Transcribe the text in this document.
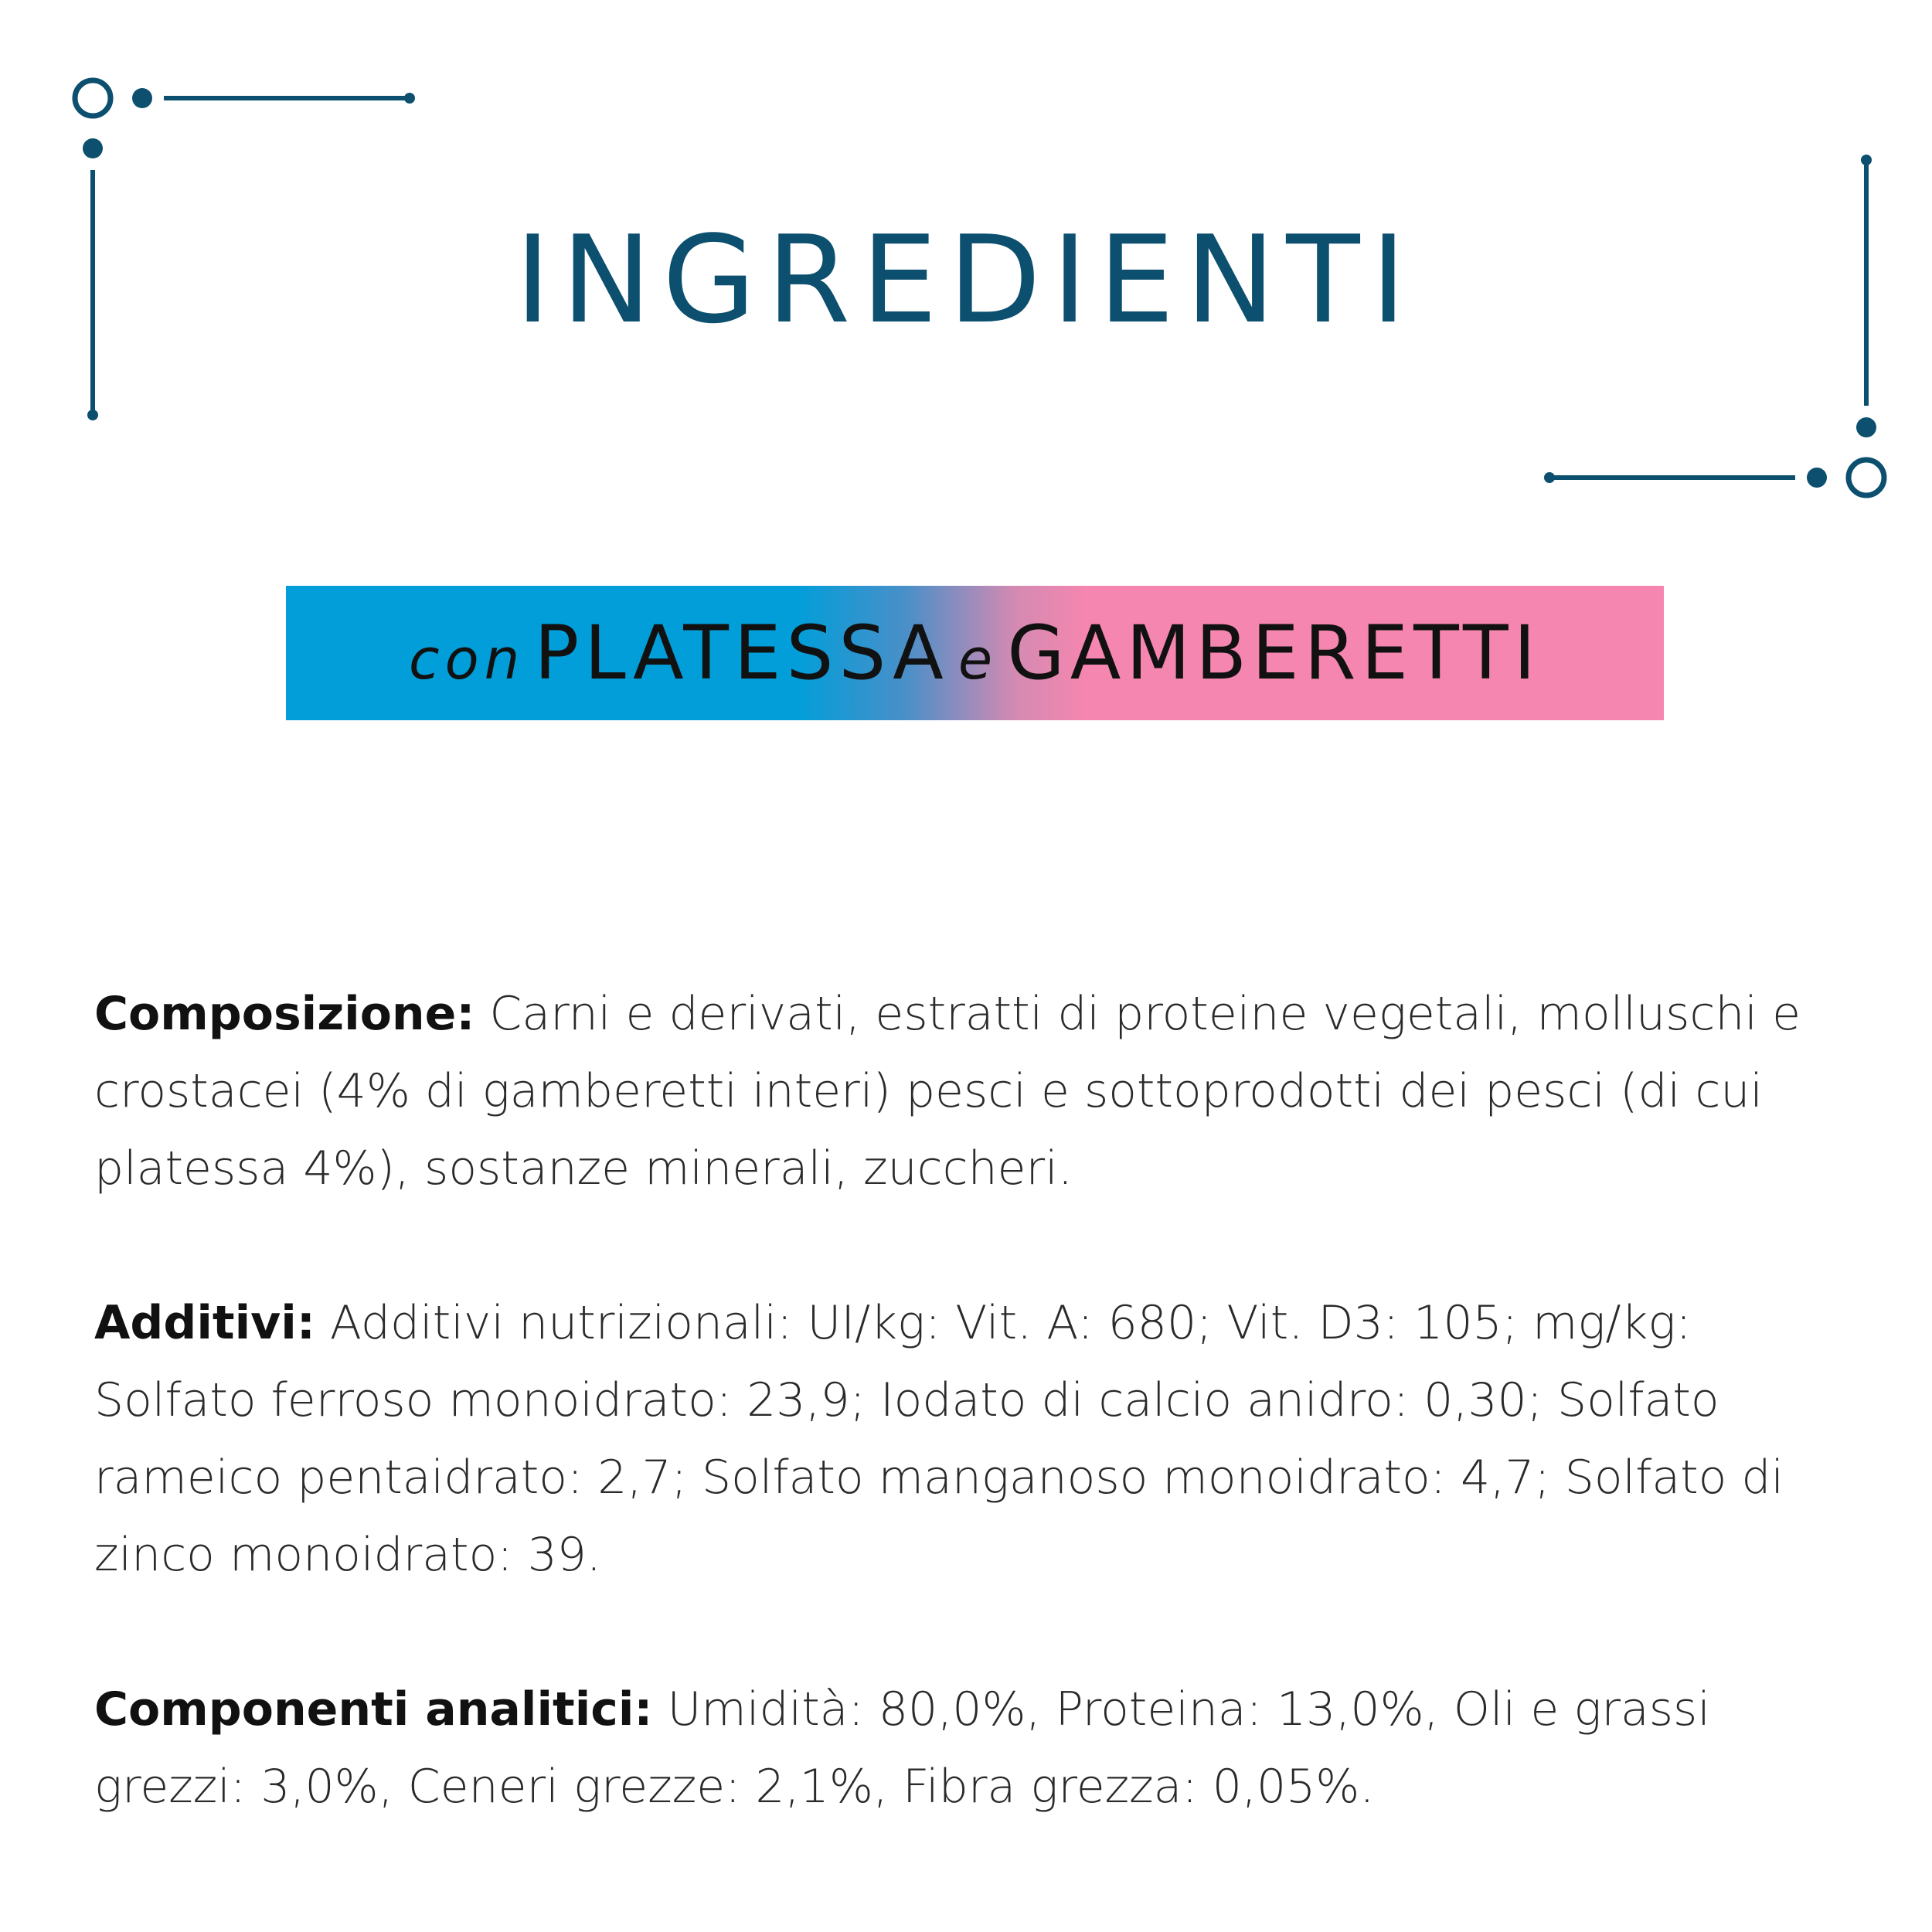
INGREDIENTI
con PLATESSA e GAMBERETTI

Composizione: Carni e derivati, estratti di proteine vegetali, molluschi e crostacei (4% di gamberetti interi) pesci e sottoprodotti dei pesci (di cui platessa 4%), sostanze minerali, zuccheri.

Additivi: Additivi nutrizionali: UI/kg: Vit. A: 680; Vit. D3: 105; mg/kg: Solfato ferroso monoidrato: 23,9; Iodato di calcio anidro: 0,30; Solfato rameico pentaidrato: 2,7; Solfato manganoso monoidrato: 4,7; Solfato di zinco monoidrato: 39.

Componenti analitici: Umidità: 80,0%, Proteina: 13,0%, Oli e grassi grezzi: 3,0%, Ceneri grezze: 2,1%, Fibra grezza: 0,05%.
